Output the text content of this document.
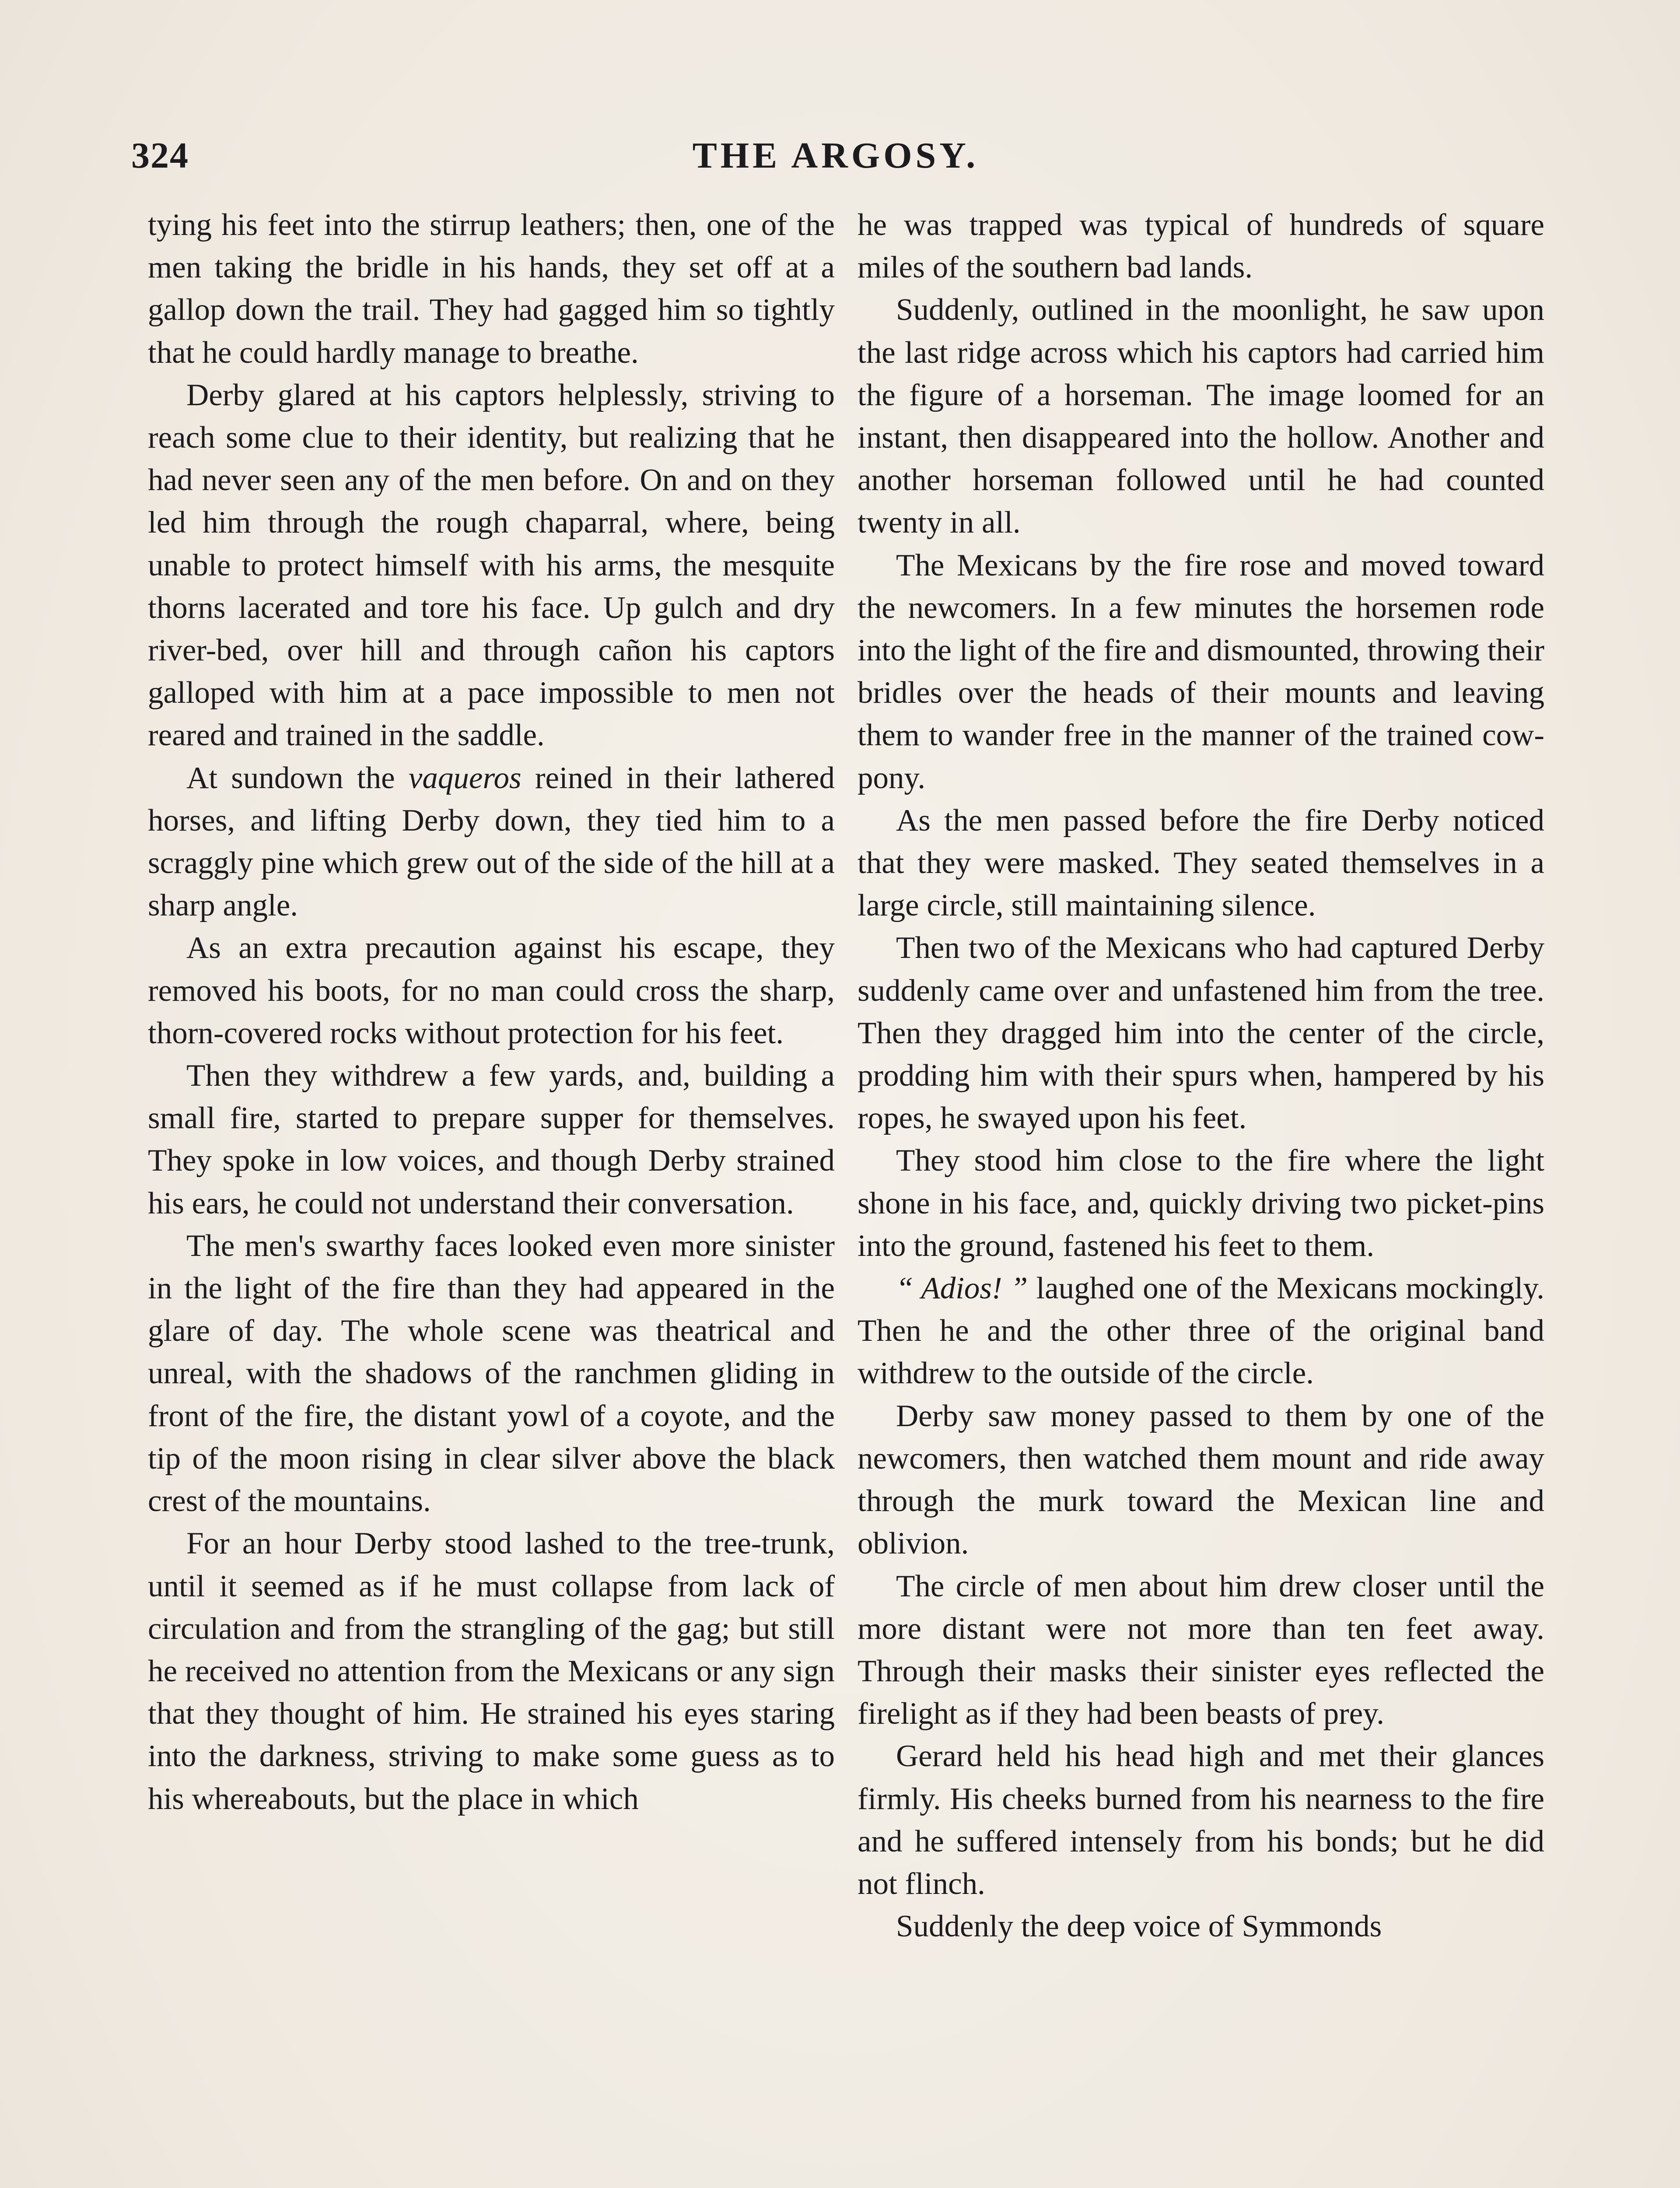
324	THE ARGOSY.

tying his feet into the stirrup leathers; then, one of the men taking the bridle in his hands, they set off at a gallop down the trail. They had gagged him so tightly that he could hardly manage to breathe.

Derby glared at his captors helplessly, striving to reach some clue to their identity, but realizing that he had never seen any of the men before. On and on they led him through the rough chaparral, where, being unable to protect himself with his arms, the mesquite thorns lacerated and tore his face. Up gulch and dry river-bed, over hill and through cañon his captors galloped with him at a pace impossible to men not reared and trained in the saddle.

At sundown the vaqueros reined in their lathered horses, and lifting Derby down, they tied him to a scraggly pine which grew out of the side of the hill at a sharp angle.

As an extra precaution against his escape, they removed his boots, for no man could cross the sharp, thorn-covered rocks without protection for his feet.

Then they withdrew a few yards, and, building a small fire, started to prepare supper for themselves. They spoke in low voices, and though Derby strained his ears, he could not understand their conversation.

The men's swarthy faces looked even more sinister in the light of the fire than they had appeared in the glare of day. The whole scene was theatrical and unreal, with the shadows of the ranchmen gliding in front of the fire, the distant yowl of a coyote, and the tip of the moon rising in clear silver above the black crest of the mountains.

For an hour Derby stood lashed to the tree-trunk, until it seemed as if he must collapse from lack of circulation and from the strangling of the gag; but still he received no attention from the Mexicans or any sign that they thought of him. He strained his eyes staring into the darkness, striving to make some guess as to his whereabouts, but the place in which

he was trapped was typical of hundreds of square miles of the southern bad lands.

Suddenly, outlined in the moonlight, he saw upon the last ridge across which his captors had carried him the figure of a horseman. The image loomed for an instant, then disappeared into the hollow. Another and another horseman followed until he had counted twenty in all.

The Mexicans by the fire rose and moved toward the newcomers. In a few minutes the horsemen rode into the light of the fire and dismounted, throwing their bridles over the heads of their mounts and leaving them to wander free in the manner of the trained cow-pony.

As the men passed before the fire Derby noticed that they were masked. They seated themselves in a large circle, still maintaining silence.

Then two of the Mexicans who had captured Derby suddenly came over and unfastened him from the tree. Then they dragged him into the center of the circle, prodding him with their spurs when, hampered by his ropes, he swayed upon his feet.

They stood him close to the fire where the light shone in his face, and, quickly driving two picket-pins into the ground, fastened his feet to them.

“ Adios! ” laughed one of the Mexicans mockingly. Then he and the other three of the original band withdrew to the outside of the circle.

Derby saw money passed to them by one of the newcomers, then watched them mount and ride away through the murk toward the Mexican line and oblivion.

The circle of men about him drew closer until the more distant were not more than ten feet away. Through their masks their sinister eyes reflected the firelight as if they had been beasts of prey.

Gerard held his head high and met their glances firmly. His cheeks burned from his nearness to the fire and he suffered intensely from his bonds; but he did not flinch.

Suddenly the deep voice of Symmonds
